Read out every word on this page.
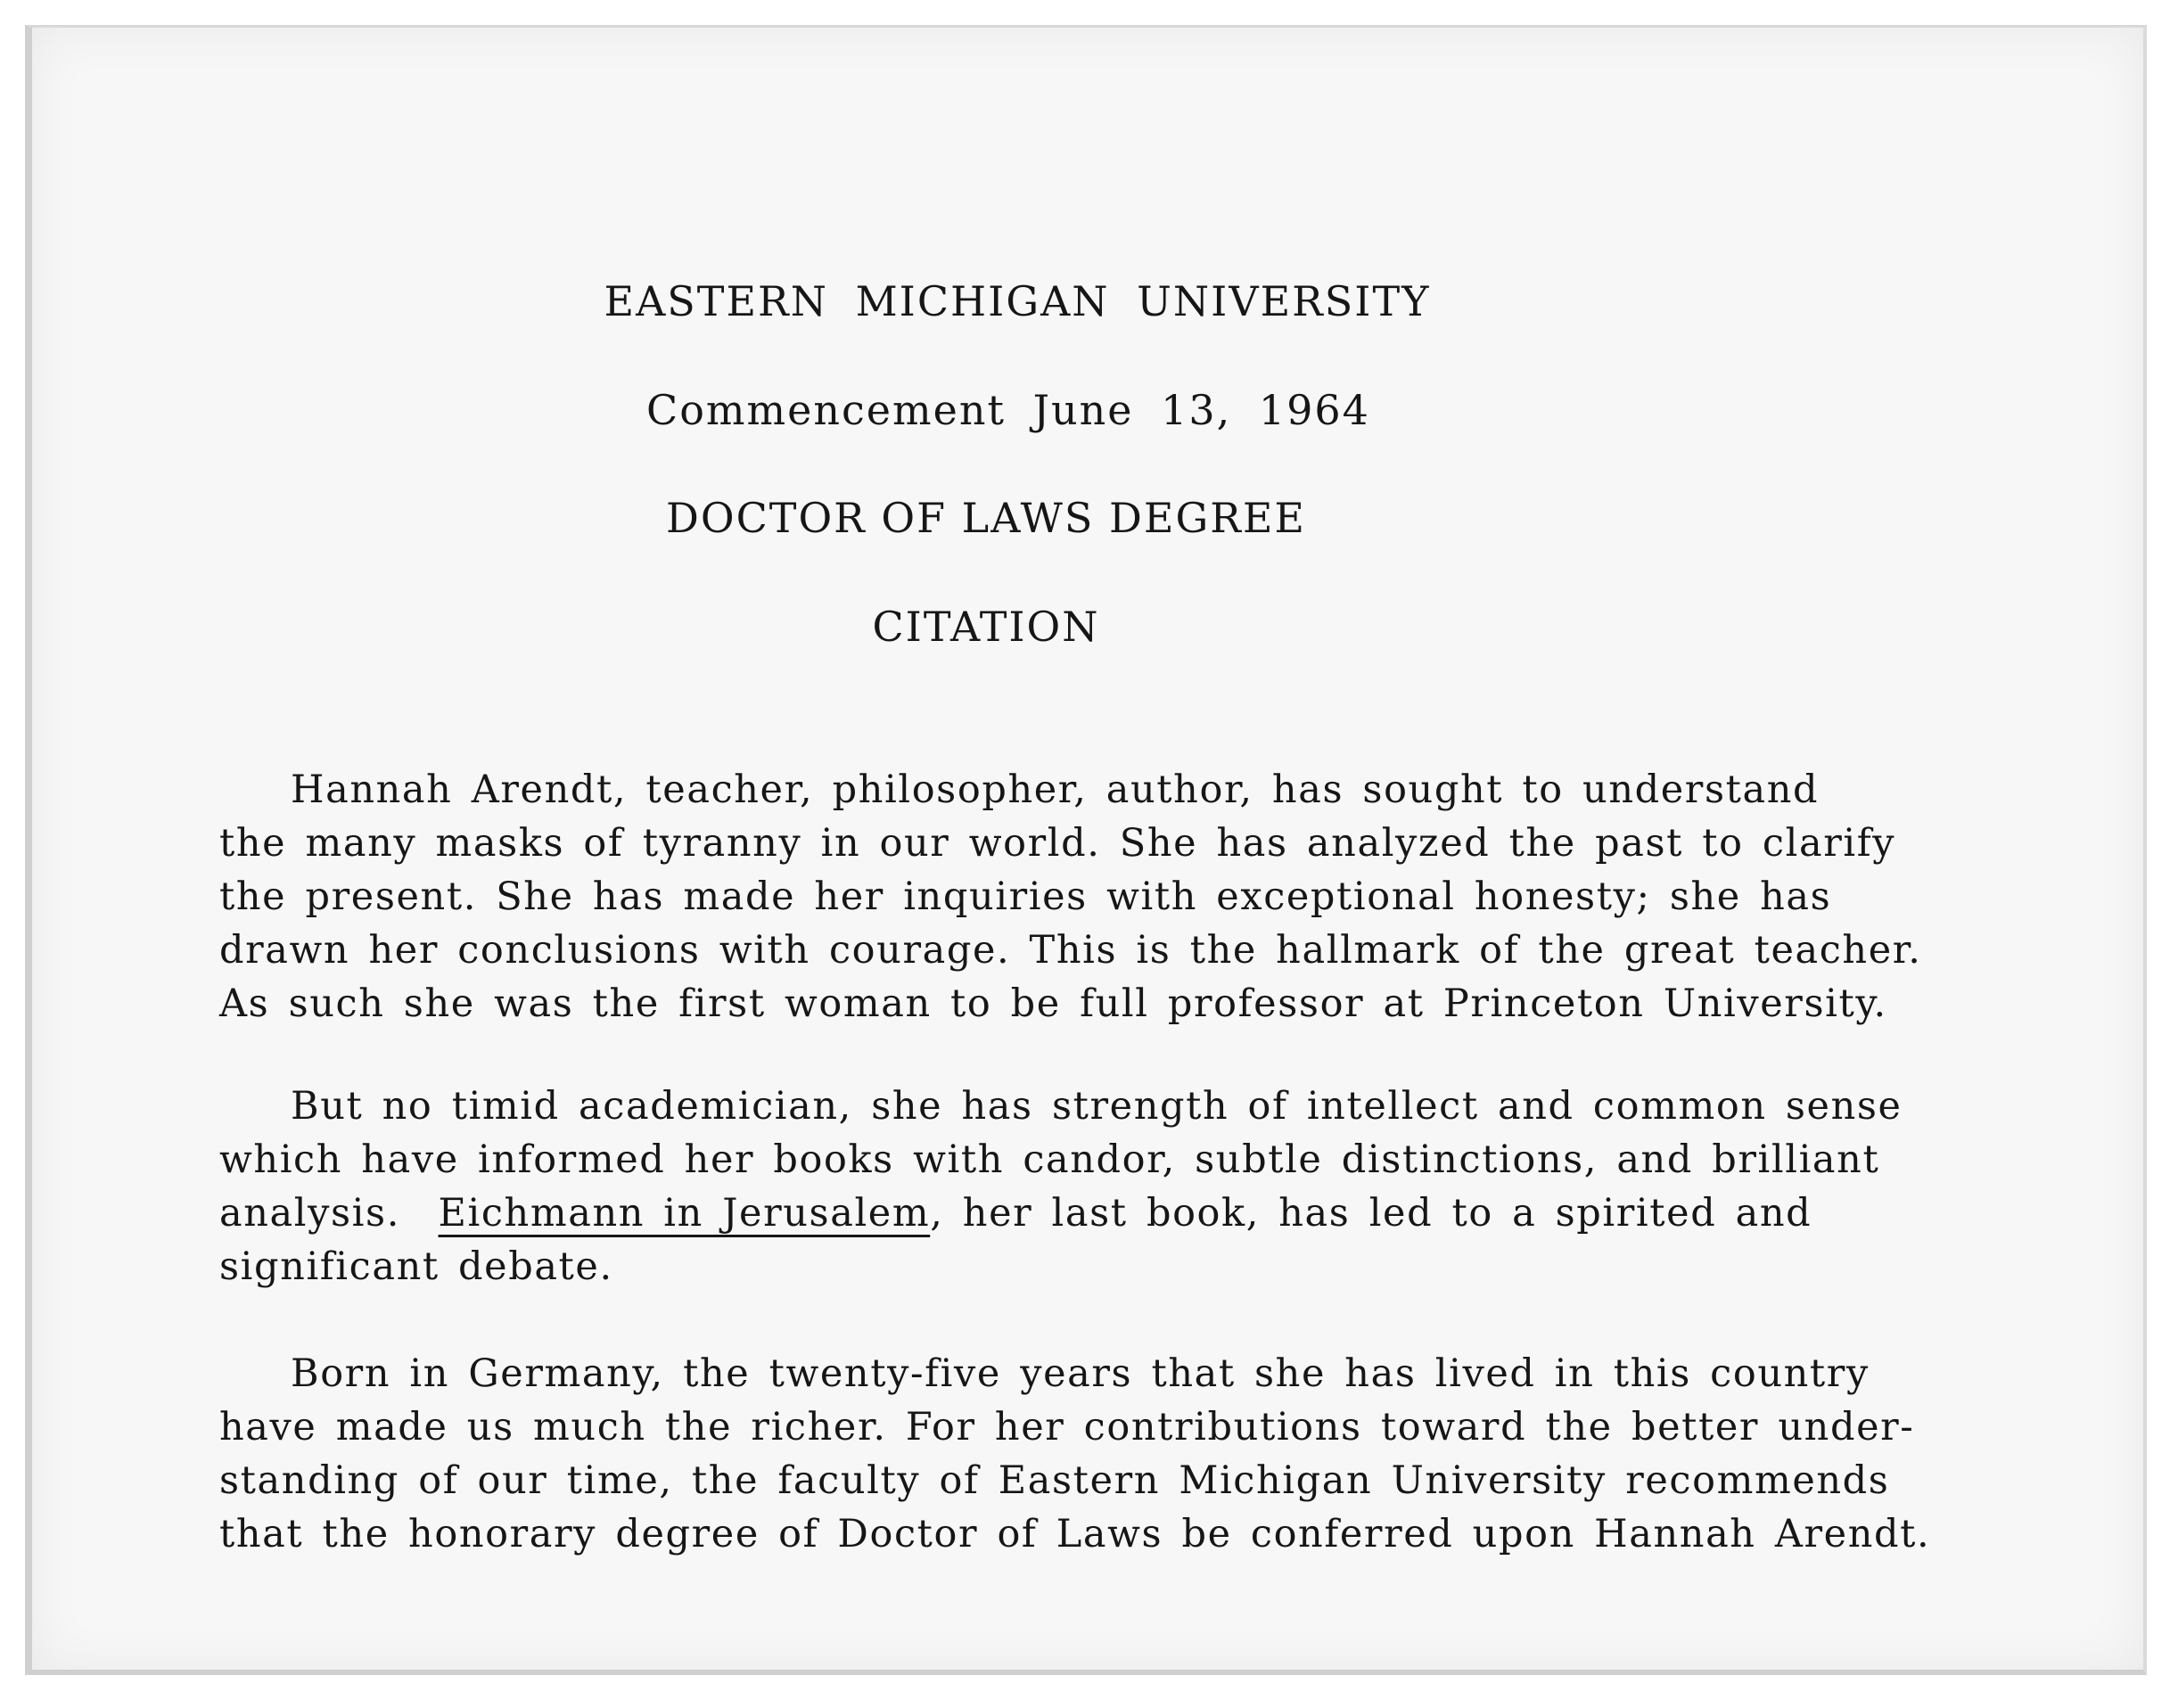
EASTERN MICHIGAN UNIVERSITY
Commencement June 13, 1964
DOCTOR OF LAWS DEGREE
CITATION
Hannah Arendt, teacher, philosopher, author, has sought to understand
the many masks of tyranny in our world. She has analyzed the past to clarify
the present. She has made her inquiries with exceptional honesty; she has
drawn her conclusions with courage. This is the hallmark of the great teacher.
As such she was the first woman to be full professor at Princeton University.
But no timid academician, she has strength of intellect and common sense
which have informed her books with candor, subtle distinctions, and brilliant
analysis. Eichmann in Jerusalem, her last book, has led to a spirited and
significant debate.
Born in Germany, the twenty-five years that she has lived in this country
have made us much the richer. For her contributions toward the better under-
standing of our time, the faculty of Eastern Michigan University recommends
that the honorary degree of Doctor of Laws be conferred upon Hannah Arendt.
